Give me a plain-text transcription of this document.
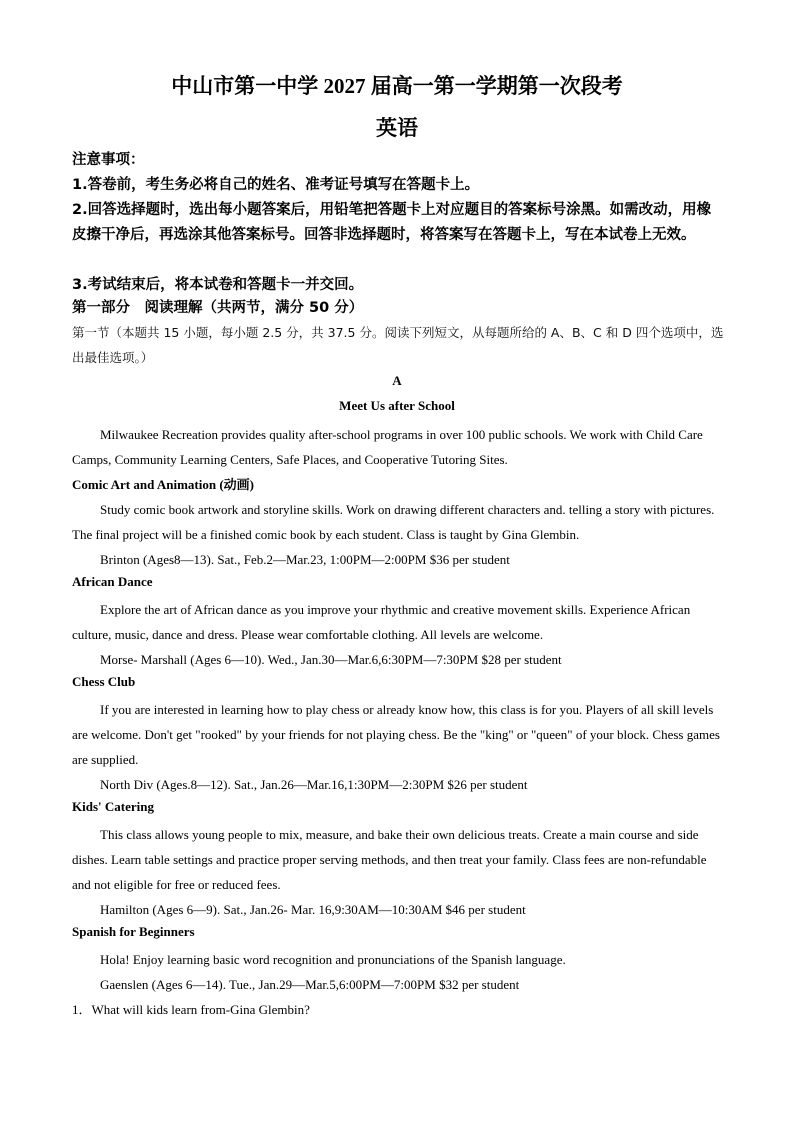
中山市第一中学 2027 届高一第一学期第一次段考
英语
注意事项：
1.答卷前，考生务必将自己的姓名、准考证号填写在答题卡上。
2.回答选择题时，选出每小题答案后，用铅笔把答题卡上对应题目的答案标号涂黑。如需改动，用橡皮擦干净后，再选涂其他答案标号。回答非选择题时，将答案写在答题卡上，写在本试卷上无效。
3.考试结束后，将本试卷和答题卡一并交回。
第一部分　阅读理解（共两节，满分 50 分）
第一节（本题共 15 小题，每小题 2.5 分，共 37.5 分。阅读下列短文，从每题所给的 A、B、C 和 D 四个选项中，选出最佳选项。）
A
Meet Us after School
Milwaukee Recreation provides quality after-school programs in over 100 public schools. We work with Child Care Camps, Community Learning Centers, Safe Places, and Cooperative Tutoring Sites.
Comic Art and Animation (动画)
Study comic book artwork and storyline skills. Work on drawing different characters and. telling a story with pictures. The final project will be a finished comic book by each student. Class is taught by Gina Glembin.
Brinton (Ages8—13). Sat., Feb.2—Mar.23, 1:00PM—2:00PM $36 per student
African Dance
Explore the art of African dance as you improve your rhythmic and creative movement skills. Experience African culture, music, dance and dress. Please wear comfortable clothing. All levels are welcome.
Morse- Marshall (Ages 6—10). Wed., Jan.30—Mar.6,6:30PM—7:30PM $28 per student
Chess Club
If you are interested in learning how to play chess or already know how, this class is for you. Players of all skill levels are welcome. Don't get "rooked" by your friends for not playing chess. Be the "king" or "queen" of your block. Chess games are supplied.
North Div (Ages.8—12). Sat., Jan.26—Mar.16,1:30PM—2:30PM $26 per student
Kids' Catering
This class allows young people to mix, measure, and bake their own delicious treats. Create a main course and side dishes. Learn table settings and practice proper serving methods, and then treat your family. Class fees are non-refundable and not eligible for free or reduced fees.
Hamilton (Ages 6—9). Sat., Jan.26- Mar. 16,9:30AM—10:30AM $46 per student
Spanish for Beginners
Hola! Enjoy learning basic word recognition and pronunciations of the Spanish language.
Gaenslen (Ages 6—14). Tue., Jan.29—Mar.5,6:00PM—7:00PM $32 per student
1．What will kids learn from-Gina Glembin?
